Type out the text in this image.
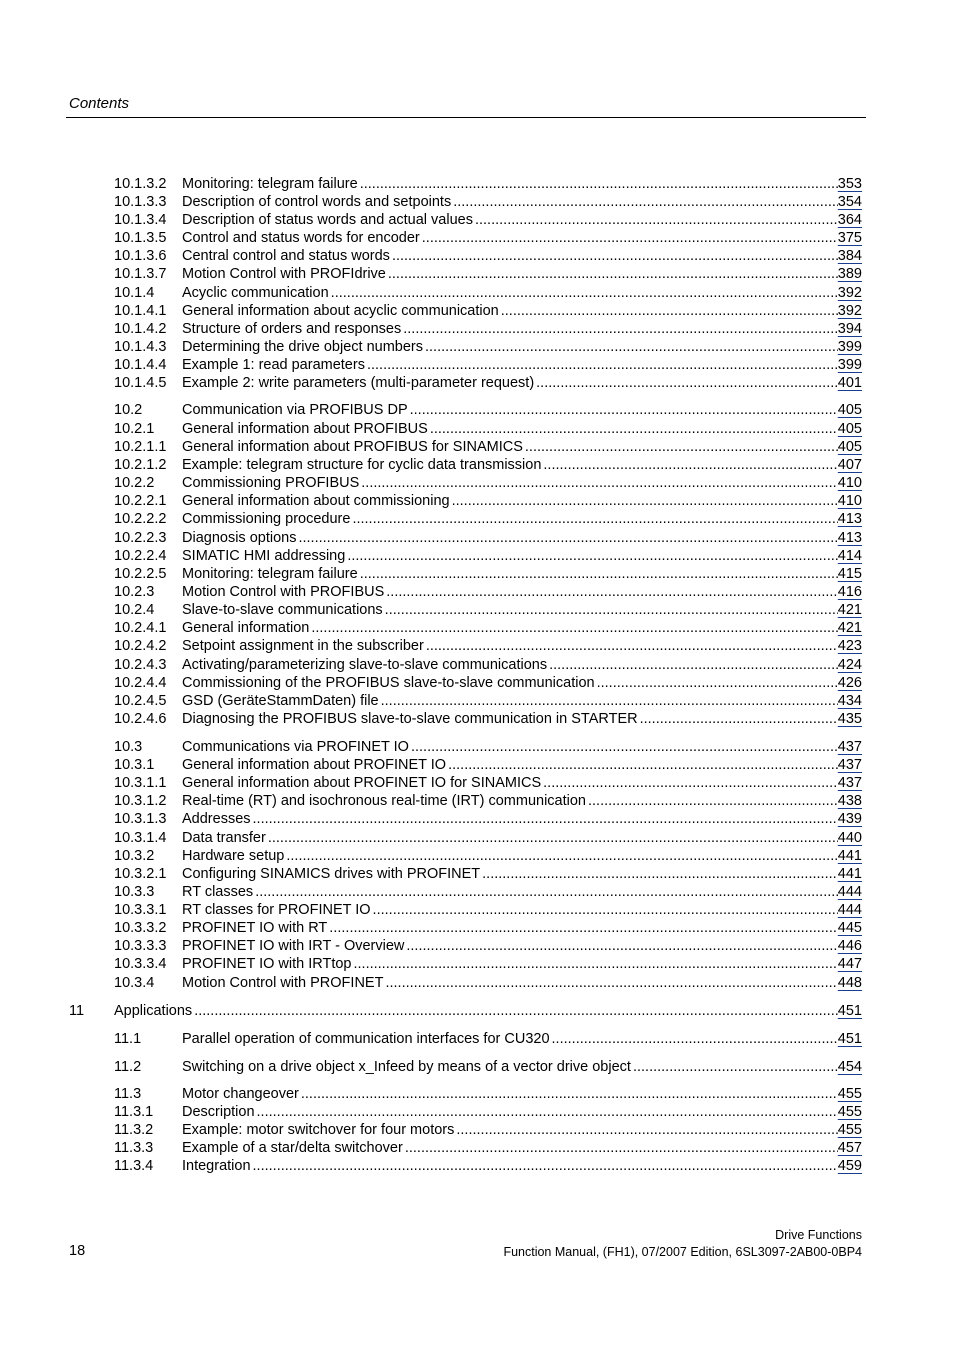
Contents
10.1.3.2 Monitoring: telegram failure .....	353
10.1.3.3 Description of control words and setpoints .....	354
10.1.3.4 Description of status words and actual values .....	364
10.1.3.5 Control and status words for encoder .....	375
10.1.3.6 Central control and status words .....	384
10.1.3.7 Motion Control with PROFIdrive .....	389
10.1.4 Acyclic communication .....	392
10.1.4.1 General information about acyclic communication .....	392
10.1.4.2 Structure of orders and responses .....	394
10.1.4.3 Determining the drive object numbers .....	399
10.1.4.4 Example 1: read parameters .....	399
10.1.4.5 Example 2: write parameters (multi-parameter request) .....	401
10.2	Communication via PROFIBUS DP .....	405
10.2.1 General information about PROFIBUS .....	405
10.2.1.1 General information about PROFIBUS for SINAMICS .....	405
10.2.1.2 Example: telegram structure for cyclic data transmission .....	407
10.2.2 Commissioning PROFIBUS .....	410
10.2.2.1 General information about commissioning .....	410
10.2.2.2 Commissioning procedure .....	413
10.2.2.3 Diagnosis options .....	413
10.2.2.4 SIMATIC HMI addressing .....	414
10.2.2.5 Monitoring: telegram failure .....	415
10.2.3 Motion Control with PROFIBUS .....	416
10.2.4 Slave-to-slave communications .....	421
10.2.4.1 General information .....	421
10.2.4.2 Setpoint assignment in the subscriber .....	423
10.2.4.3 Activating/parameterizing slave-to-slave communications .....	424
10.2.4.4 Commissioning of the PROFIBUS slave-to-slave communication .....	426
10.2.4.5 GSD (GeräteStammDaten) file .....	434
10.2.4.6 Diagnosing the PROFIBUS slave-to-slave communication in STARTER .....	435
10.3	Communications via PROFINET IO .....	437
10.3.1 General information about PROFINET IO .....	437
10.3.1.1 General information about PROFINET IO for SINAMICS .....	437
10.3.1.2 Real-time (RT) and isochronous real-time (IRT) communication .....	438
10.3.1.3 Addresses .....	439
10.3.1.4 Data transfer .....	440
10.3.2 Hardware setup .....	441
10.3.2.1 Configuring SINAMICS drives with PROFINET .....	441
10.3.3 RT classes .....	444
10.3.3.1 RT classes for PROFINET IO .....	444
10.3.3.2 PROFINET IO with RT .....	445
10.3.3.3 PROFINET IO with IRT - Overview .....	446
10.3.3.4 PROFINET IO with IRTtop .....	447
10.3.4 Motion Control with PROFINET .....	448
11 Applications .....	451
11.1	Parallel operation of communication interfaces for CU320 .....	451
11.2	Switching on a drive object x_Infeed by means of a vector drive object .....	454
11.3	Motor changeover .....	455
11.3.1 Description .....	455
11.3.2 Example: motor switchover for four motors .....	455
11.3.3 Example of a star/delta switchover .....	457
11.3.4 Integration .....	459
18
Drive Functions
Function Manual, (FH1), 07/2007 Edition, 6SL3097-2AB00-0BP4
